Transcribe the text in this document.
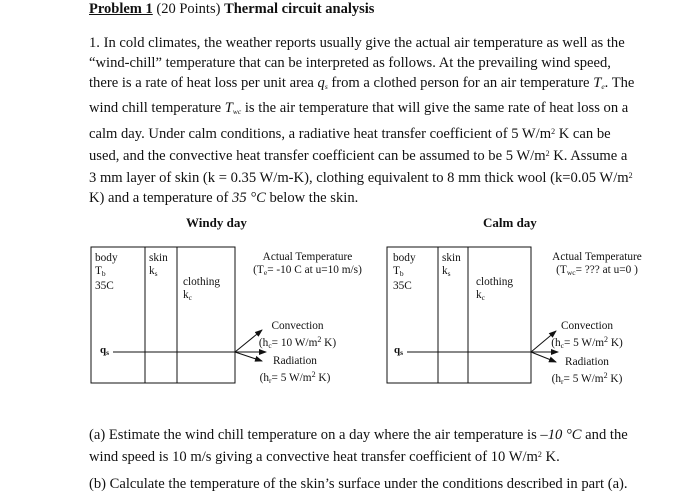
Problem 1 (20 Points) Thermal circuit analysis
1. In cold climates, the weather reports usually give the actual air temperature as well as the
“wind-chill” temperature that can be interpreted as follows. At the prevailing wind speed,
there is a rate of heat loss per unit area $q_s$ from a clothed person for an air temperature $T_e$. The
wind chill temperature $T_{wc}$ is the air temperature that will give the same rate of heat loss on a
calm day. Under calm conditions, a radiative heat transfer coefficient of 5 $W/m^2$ K can be
used, and the convective heat transfer coefficient can be assumed to be 5 $W/m^2$ K. Assume a
3 mm layer of skin (k = 0.35 W/m-K), clothing equivalent to 8 mm thick wool (k=0.05 $W/m^2$
K) and a temperature of 35 °C below the skin.
Windy day
body
$T_b$
35C
skin
$k_s$
clothing
$k_c$
Actual Temperature
($T_e= -10$ C at u=10 m/s)
Convection
($h_c= 10$ $W/m^2$ K)
Radiation
($h_r= 5$ $W/m^2$ K)
$q_s$
Calm day
body
$T_b$
35C
skin
$k_s$
clothing
$k_c$
Actual Temperature
($T_{wc}=$ ??? at u=0 )
Convection
($h_c= 5$ $W/m^2$ K)
Radiation
($h_r= 5$ $W/m^2$ K)
$q_s$
(a) Estimate the wind chill temperature on a day where the air temperature is –10 °C and the
wind speed is 10 m/s giving a convective heat transfer coefficient of 10 $W/m^2$ K.
(b) Calculate the temperature of the skin’s surface under the conditions described in part (a).
